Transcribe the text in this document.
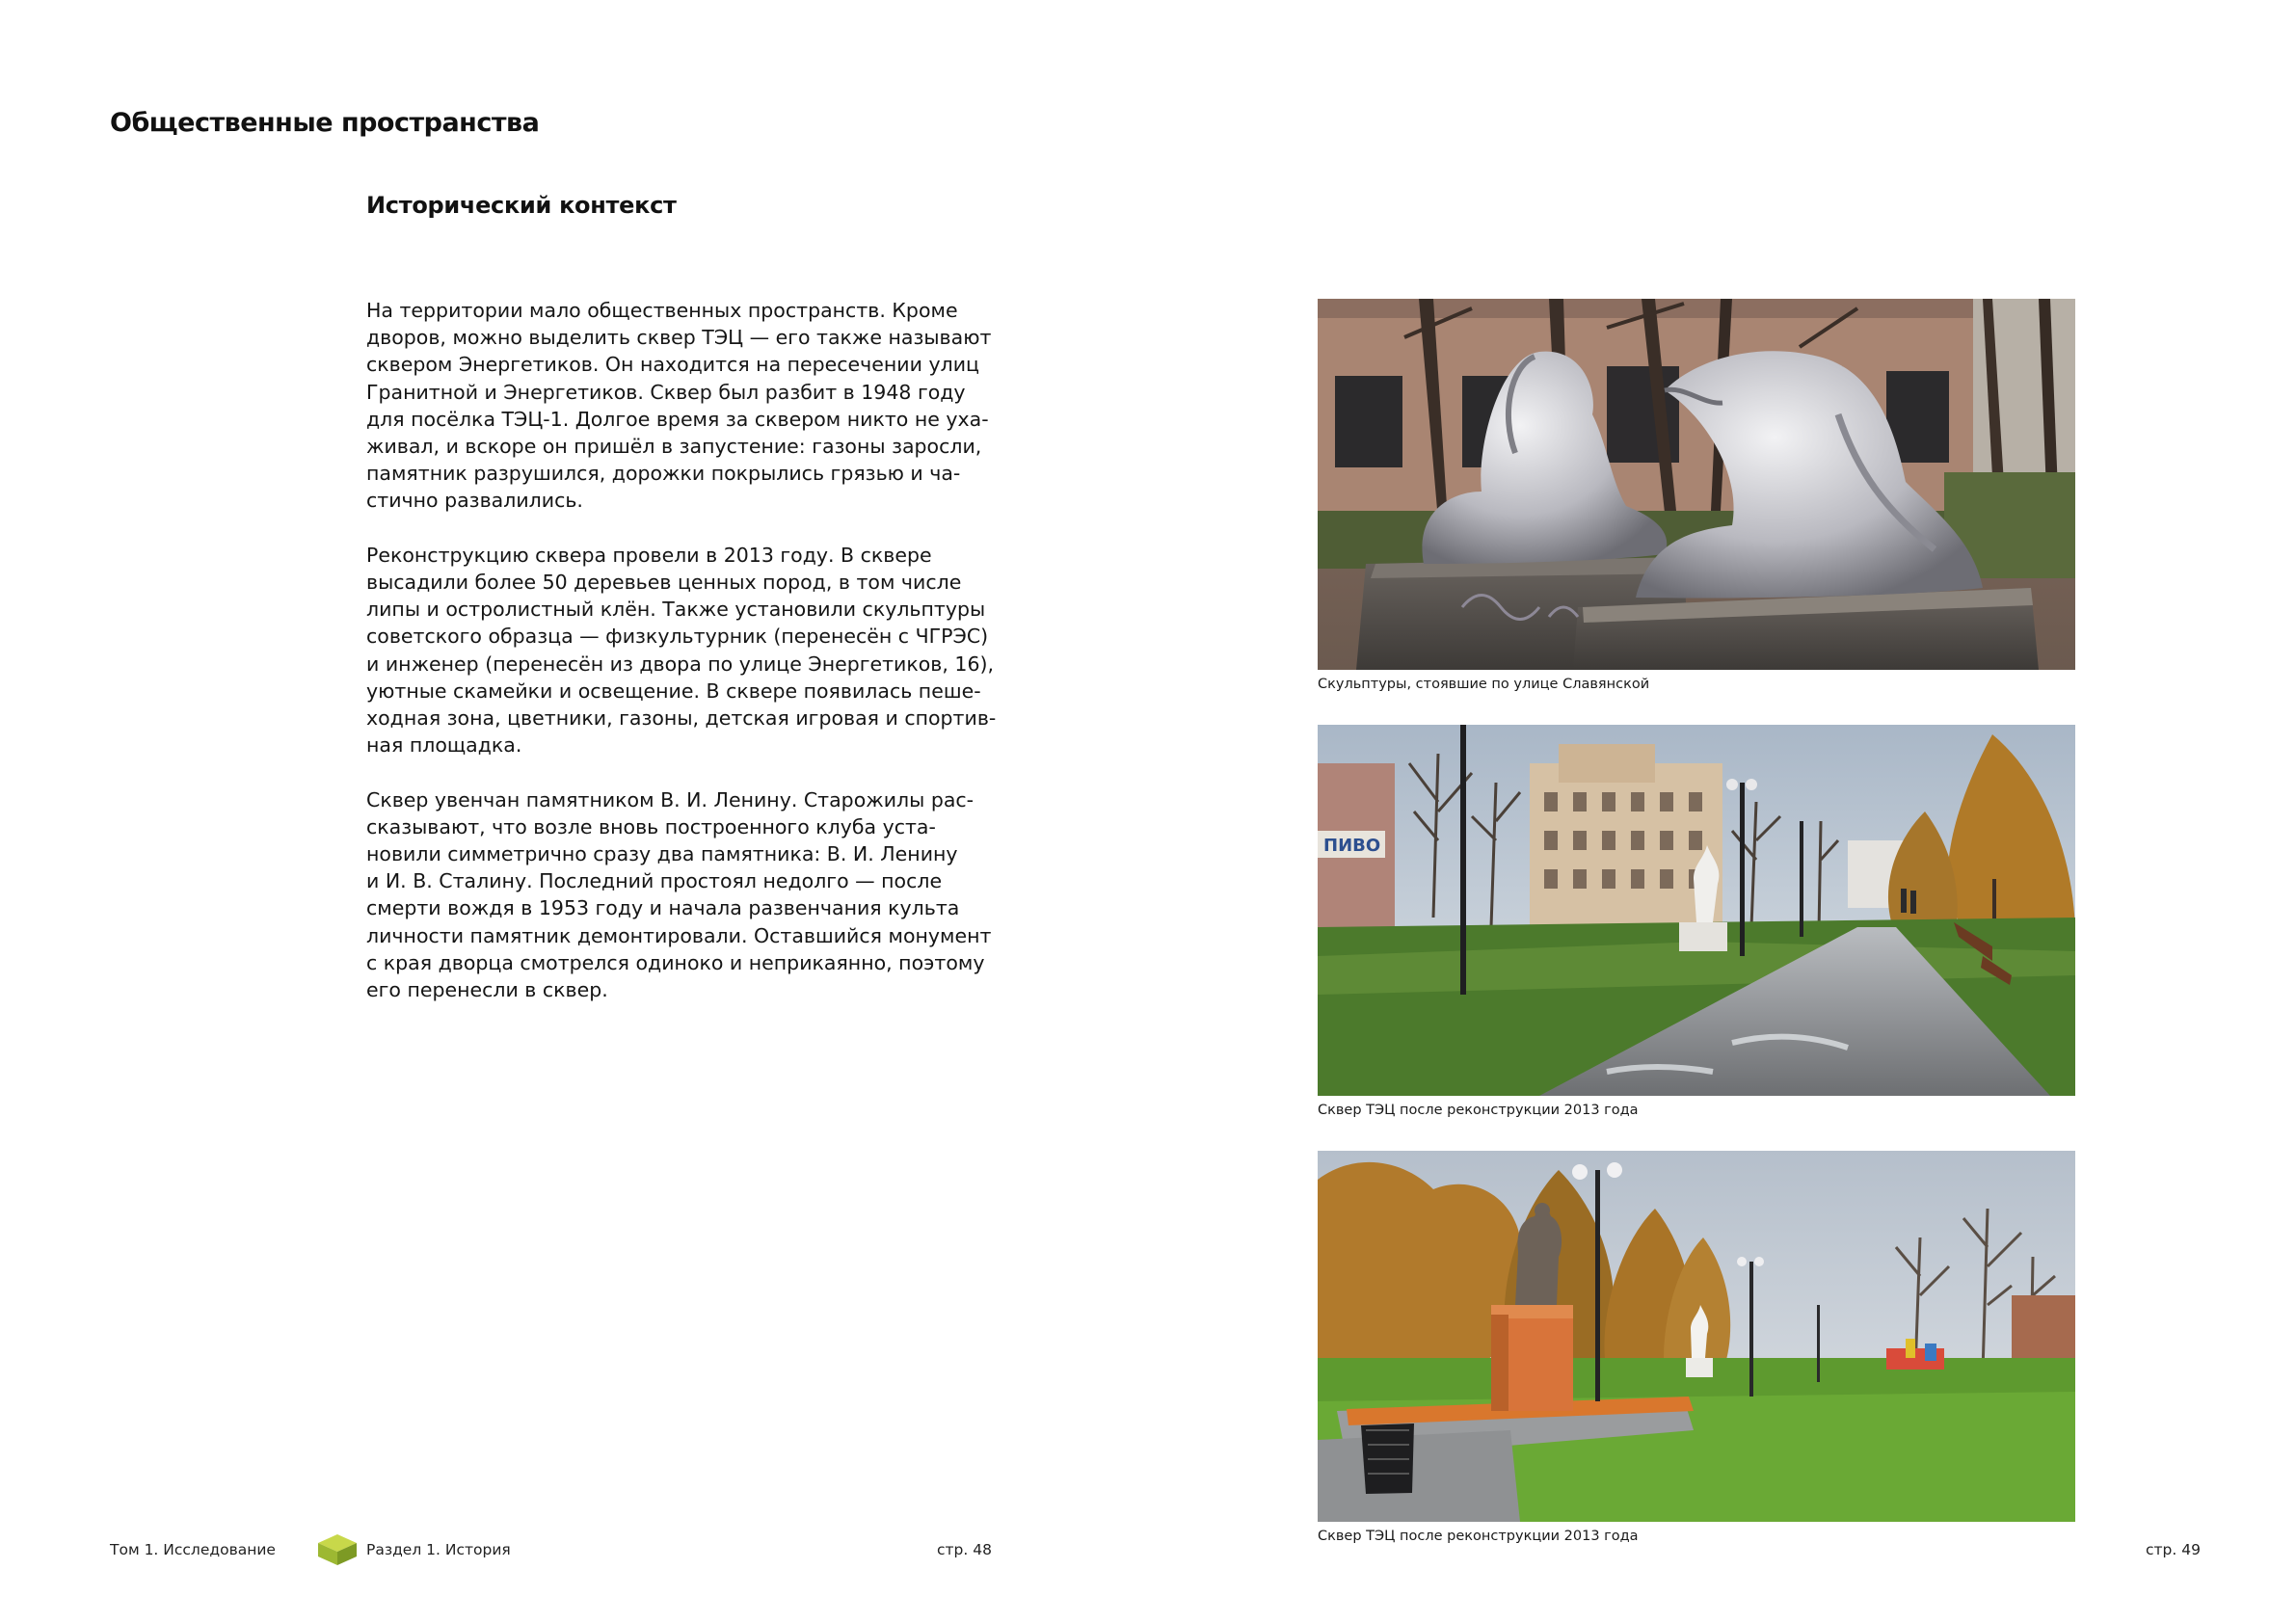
Общественные пространства
Исторический контекст

На территории мало общественных пространств. Кроме
дворов, можно выделить сквер ТЭЦ — его также называют
сквером Энергетиков. Он находится на пересечении улиц
Гранитной и Энергетиков. Сквер был разбит в 1948 году
для посёлка ТЭЦ-1. Долгое время за сквером никто не уха-
живал, и вскоре он пришёл в запустение: газоны заросли,
памятник разрушился, дорожки покрылись грязью и ча-
стично развалились.

Реконструкцию сквера провели в 2013 году. В сквере
высадили более 50 деревьев ценных пород, в том числе
липы и остролистный клён. Также установили скульптуры
советского образца — физкультурник (перенесён с ЧГРЭС)
и инженер (перенесён из двора по улице Энергетиков, 16),
уютные скамейки и освещение. В сквере появилась пеше-
ходная зона, цветники, газоны, детская игровая и спортив-
ная площадка.

Сквер увенчан памятником В. И. Ленину. Старожилы рас-
сказывают, что возле вновь построенного клуба уста-
новили симметрично сразу два памятника: В. И. Ленину
и И. В. Сталину. Последний простоял недолго — после
смерти вождя в 1953 году и начала развенчания культа
личности памятник демонтировали. Оставшийся монумент
с края дворца смотрелся одиноко и неприкаянно, поэтому
его перенесли в сквер.

Скульптуры, стоявшие по улице Славянской
ПИВО
Сквер ТЭЦ после реконструкции 2013 года
Сквер ТЭЦ после реконструкции 2013 года
Том 1. Исследование	Раздел 1. История	стр. 48	стр. 49
